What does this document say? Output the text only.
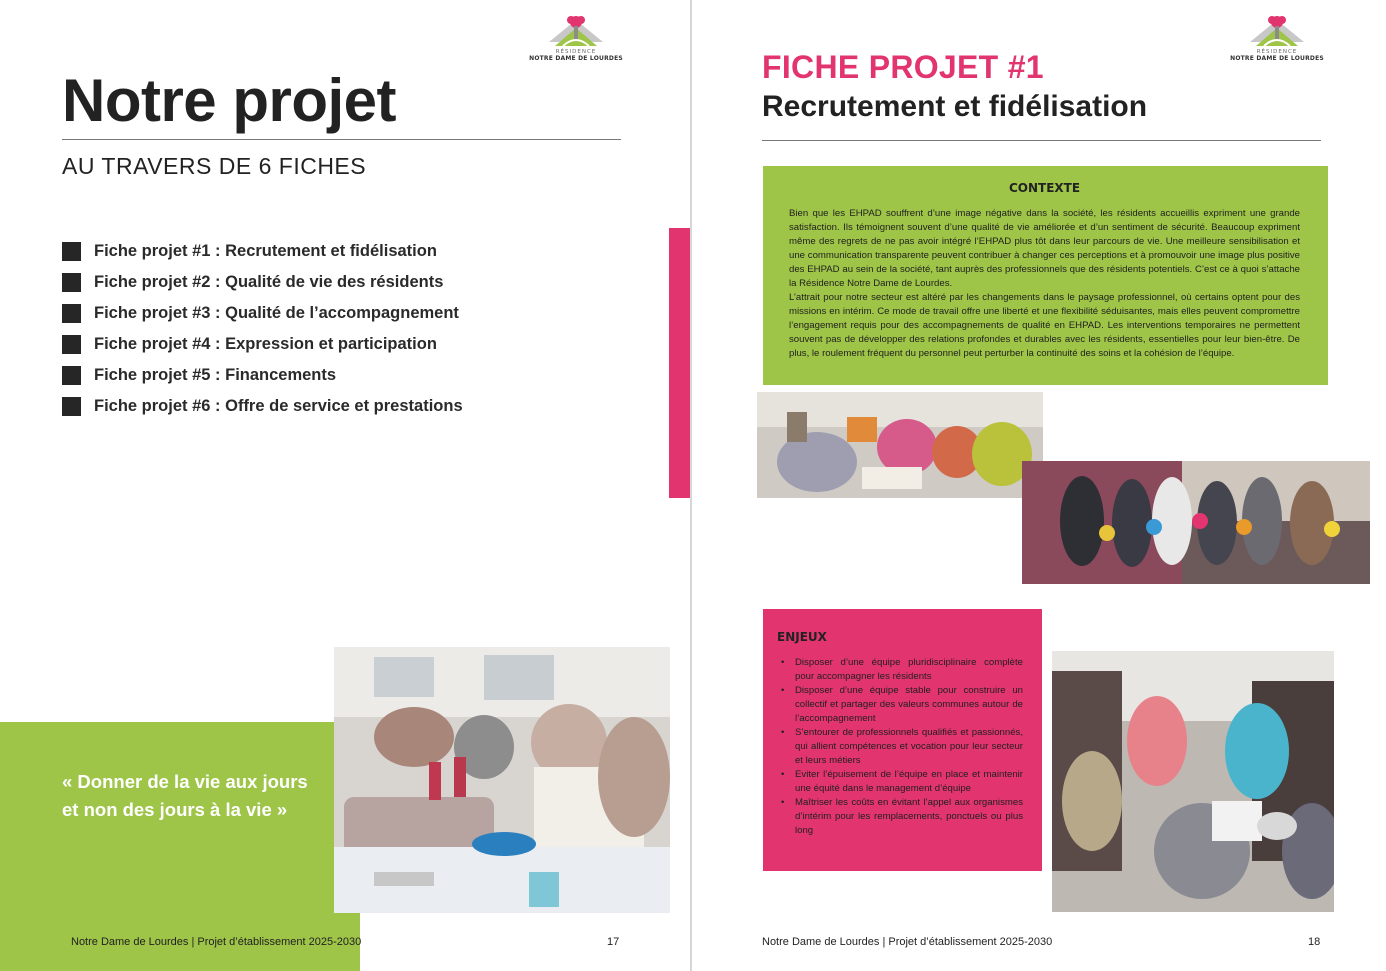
RÉSIDENCE
NOTRE DAME DE LOURDES
Notre projet
AU TRAVERS DE 6 FICHES
Fiche projet #1 : Recrutement et fidélisation
Fiche projet #2 : Qualité de vie des résidents
Fiche projet #3 : Qualité de l’accompagnement
Fiche projet #4 : Expression et participation
Fiche projet #5 : Financements
Fiche projet #6 : Offre de service et prestations
« Donner de la vie aux jours
et non des jours à la vie »
Notre Dame de Lourdes | Projet d’établissement 2025-2030	17
RÉSIDENCE
NOTRE DAME DE LOURDES
FICHE PROJET #1
Recrutement et fidélisation
CONTEXTE

Bien que les EHPAD souffrent d’une image négative dans la société, les résidents accueillis expriment une grande satisfaction. Ils témoignent souvent d’une qualité de vie améliorée et d’un sentiment de sécurité. Beaucoup expriment même des regrets de ne pas avoir intégré l’EHPAD plus tôt dans leur parcours de vie. Une meilleure sensibilisation et une communication transparente peuvent contribuer à changer ces perceptions et à promouvoir une image plus positive des EHPAD au sein de la société, tant auprès des professionnels que des résidents potentiels. C’est ce à quoi s’attache la Résidence Notre Dame de Lourdes.

L’attrait pour notre secteur est altéré par les changements dans le paysage professionnel, où certains optent pour des missions en intérim. Ce mode de travail offre une liberté et une flexibilité séduisantes, mais elles peuvent compromettre l’engagement requis pour des accompagnements de qualité en EHPAD. Les interventions temporaires ne permettent souvent pas de développer des relations profondes et durables avec les résidents, essentielles pour leur bien-être. De plus, le roulement fréquent du personnel peut perturber la continuité des soins et la cohésion de l’équipe.

ENJEUX
• Disposer d’une équipe pluridisciplinaire complète pour accompagner les résidents
• Disposer d’une équipe stable pour construire un collectif et partager des valeurs communes autour de l’accompagnement
• S’entourer de professionnels qualifiés et passionnés, qui allient compétences et vocation pour leur secteur et leurs métiers
• Eviter l’épuisement de l’équipe en place et maintenir une équité dans le management d’équipe
• Maîtriser les coûts en évitant l’appel aux organismes d’intérim pour les remplacements, ponctuels ou plus long
Notre Dame de Lourdes | Projet d’établissement 2025-2030	18
